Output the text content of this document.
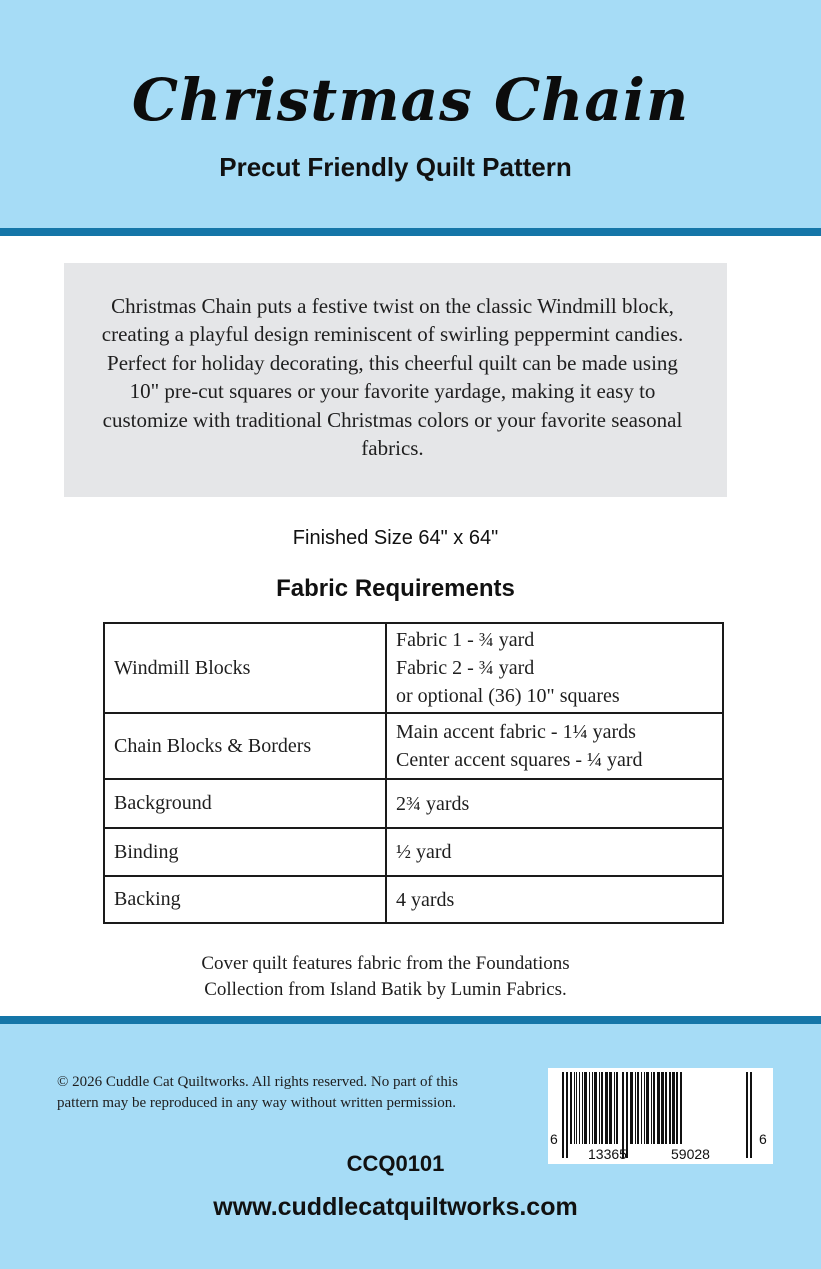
Christmas Chain
Precut Friendly Quilt Pattern
Christmas Chain puts a festive twist on the classic Windmill block, creating a playful design reminiscent of swirling peppermint candies. Perfect for holiday decorating, this cheerful quilt can be made using 10" pre-cut squares or your favorite yardage, making it easy to customize with traditional Christmas colors or your favorite seasonal fabrics.
Finished Size 64" x 64"
Fabric Requirements
Windmill Blocks	Fabric 1 - ¾ yard
Fabric 2 - ¾ yard
or optional (36) 10" squares

Chain Blocks & Borders	Main accent fabric - 1¼ yards
Center accent squares - ¼ yard

Background	2¾ yards

Binding	½ yard

Backing	4 yards
Cover quilt features fabric from the Foundations
Collection from Island Batik by Lumin Fabrics.
© 2026 Cuddle Cat Quiltworks. All rights reserved. No part of this
pattern may be reproduced in any way without written permission.
6
13365	59028
6
CCQ0101
www.cuddlecatquiltworks.com
